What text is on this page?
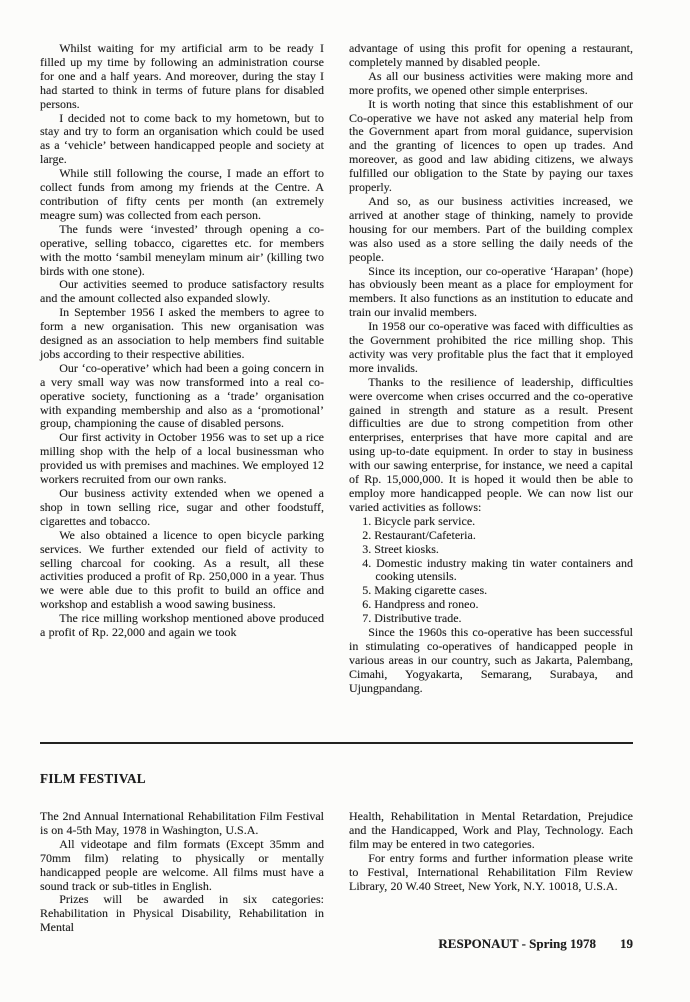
Whilst waiting for my artificial arm to be ready I filled up my time by following an administration course for one and a half years. And moreover, during the stay I had started to think in terms of future plans for disabled persons.

I decided not to come back to my hometown, but to stay and try to form an organisation which could be used as a ‘vehicle’ between handicapped people and society at large.

While still following the course, I made an effort to collect funds from among my friends at the Centre. A contribution of fifty cents per month (an extremely meagre sum) was collected from each person.

The funds were ‘invested’ through opening a co-operative, selling tobacco, cigarettes etc. for members with the motto ‘sambil meneylam minum air’ (killing two birds with one stone).

Our activities seemed to produce satisfactory results and the amount collected also expanded slowly.

In September 1956 I asked the members to agree to form a new organisation. This new organisation was designed as an association to help members find suitable jobs according to their respective abilities.

Our ‘co-operative’ which had been a going concern in a very small way was now transformed into a real co-operative society, functioning as a ‘trade’ organisation with expanding membership and also as a ‘promotional’ group, championing the cause of disabled persons.

Our first activity in October 1956 was to set up a rice milling shop with the help of a local businessman who provided us with premises and machines. We employed 12 workers recruited from our own ranks.

Our business activity extended when we opened a shop in town selling rice, sugar and other foodstuff, cigarettes and tobacco.

We also obtained a licence to open bicycle parking services. We further extended our field of activity to selling charcoal for cooking. As a result, all these activities produced a profit of Rp. 250,000 in a year. Thus we were able due to this profit to build an office and workshop and establish a wood sawing business.

The rice milling workshop mentioned above produced a profit of Rp. 22,000 and again we took

advantage of using this profit for opening a restaurant, completely manned by disabled people.

As all our business activities were making more and more profits, we opened other simple enterprises.

It is worth noting that since this establishment of our Co-operative we have not asked any material help from the Government apart from moral guidance, supervision and the granting of licences to open up trades. And moreover, as good and law abiding citizens, we always fulfilled our obligation to the State by paying our taxes properly.

And so, as our business activities increased, we arrived at another stage of thinking, namely to provide housing for our members. Part of the building complex was also used as a store selling the daily needs of the people.

Since its inception, our co-operative ‘Harapan’ (hope) has obviously been meant as a place for employment for members. It also functions as an institution to educate and train our invalid members.

In 1958 our co-operative was faced with difficulties as the Government prohibited the rice milling shop. This activity was very profitable plus the fact that it employed more invalids.

Thanks to the resilience of leadership, difficulties were overcome when crises occurred and the co-operative gained in strength and stature as a result. Present difficulties are due to strong competition from other enterprises, enterprises that have more capital and are using up-to-date equipment. In order to stay in business with our sawing enterprise, for instance, we need a capital of Rp. 15,000,000. It is hoped it would then be able to employ more handicapped people. We can now list our varied activities as follows:

1. Bicycle park service.

2. Restaurant/Cafeteria.

3. Street kiosks.

4. Domestic industry making tin water containers and cooking utensils.

5. Making cigarette cases.

6. Handpress and roneo.

7. Distributive trade.

Since the 1960s this co-operative has been successful in stimulating co-operatives of handicapped people in various areas in our country, such as Jakarta, Palembang, Cimahi, Yogyakarta, Semarang, Surabaya, and Ujungpandang.

FILM FESTIVAL

The 2nd Annual International Rehabilitation Film Festival is on 4-5th May, 1978 in Washington, U.S.A.

All videotape and film formats (Except 35mm and 70mm film) relating to physically or mentally handicapped people are welcome. All films must have a sound track or sub-titles in English.

Prizes will be awarded in six categories: Rehabilitation in Physical Disability, Rehabilitation in Mental

Health, Rehabilitation in Mental Retardation, Prejudice and the Handicapped, Work and Play, Technology. Each film may be entered in two categories.

For entry forms and further information please write to Festival, International Rehabilitation Film Review Library, 20 W.40 Street, New York, N.Y. 10018, U.S.A.

RESPONAUT - Spring 1978 19
